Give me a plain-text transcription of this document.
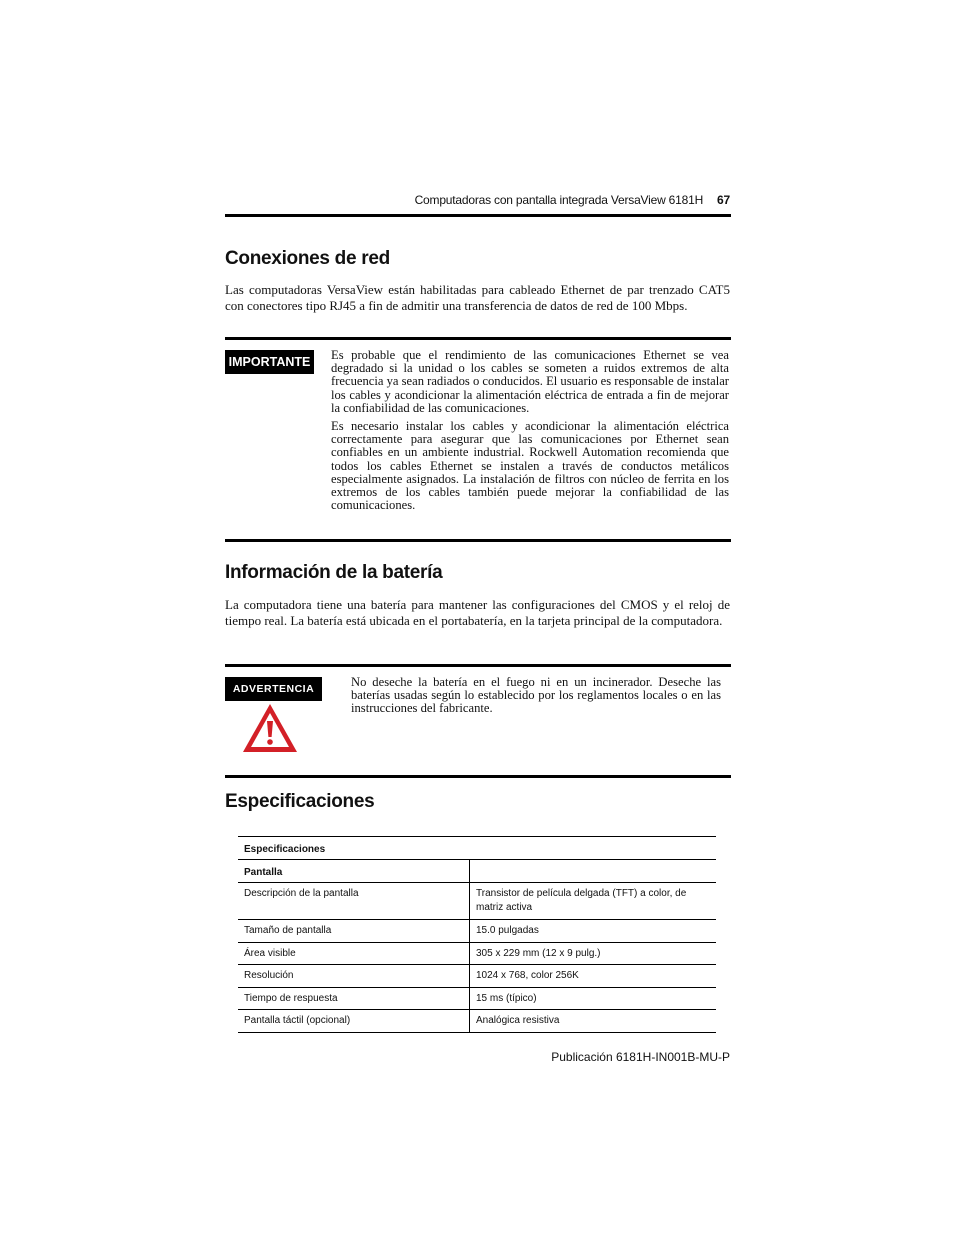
Computadoras con pantalla integrada VersaView 6181H 67
Conexiones de red

Las computadoras VersaView están habilitadas para cableado Ethernet de par trenzado CAT5 con conectores tipo RJ45 a fin de admitir una transferencia de datos de red de 100 Mbps.

IMPORTANTE Es probable que el rendimiento de las comunicaciones Ethernet se vea degradado si la unidad o los cables se someten a ruidos extremos de alta frecuencia ya sean radiados o conducidos. El usuario es responsable de instalar los cables y acondicionar la alimentación eléctrica de entrada a fin de mejorar la confiabilidad de las comunicaciones.

Es necesario instalar los cables y acondicionar la alimentación eléctrica correctamente para asegurar que las comunicaciones por Ethernet sean confiables en un ambiente industrial. Rockwell Automation recomienda que todos los cables Ethernet se instalen a través de conductos metálicos especialmente asignados. La instalación de filtros con núcleo de ferrita en los extremos de los cables también puede mejorar la confiabilidad de las comunicaciones.

Información de la batería

La computadora tiene una batería para mantener las configuraciones del CMOS y el reloj de tiempo real. La batería está ubicada en el portabatería, en la tarjeta principal de la computadora.

ADVERTENCIA	No deseche la batería en el fuego ni en un incinerador. Deseche las baterías usadas según lo establecido por los reglamentos locales o en las instrucciones del fabricante.

Especificaciones
Especificaciones	
Pantalla	
Descripción de la pantalla	Transistor de película delgada (TFT) a color, de matriz activa
Tamaño de pantalla	15.0 pulgadas
Área visible	305 x 229 mm (12 x 9 pulg.)
Resolución	1024 x 768, color 256K
Tiempo de respuesta	15 ms (típico)
Pantalla táctil (opcional)	Analógica resistiva
Publicación 6181H-IN001B-MU-P
